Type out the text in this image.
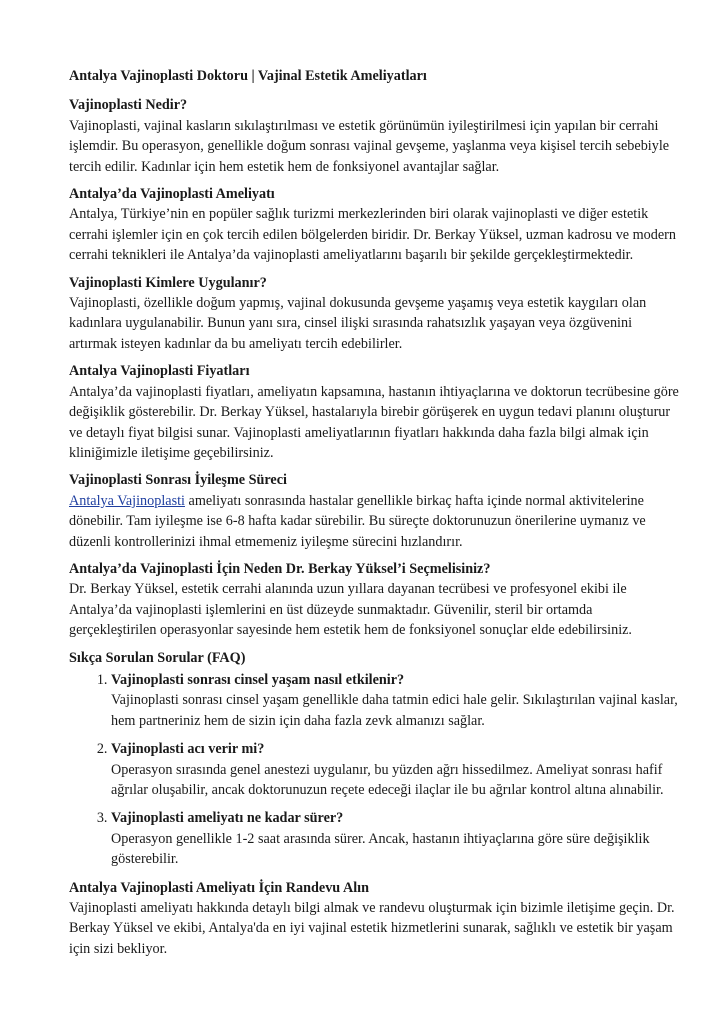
Antalya Vajinoplasti Doktoru | Vajinal Estetik Ameliyatları
Vajinoplasti Nedir?

Vajinoplasti, vajinal kasların sıkılaştırılması ve estetik görünümün iyileştirilmesi için yapılan bir cerrahi işlemdir. Bu operasyon, genellikle doğum sonrası vajinal gevşeme, yaşlanma veya kişisel tercih sebebiyle tercih edilir. Kadınlar için hem estetik hem de fonksiyonel avantajlar sağlar.

Antalya’da Vajinoplasti Ameliyatı

Antalya, Türkiye’nin en popüler sağlık turizmi merkezlerinden biri olarak vajinoplasti ve diğer estetik cerrahi işlemler için en çok tercih edilen bölgelerden biridir. Dr. Berkay Yüksel, uzman kadrosu ve modern cerrahi teknikleri ile Antalya’da vajinoplasti ameliyatlarını başarılı bir şekilde gerçekleştirmektedir.

Vajinoplasti Kimlere Uygulanır?

Vajinoplasti, özellikle doğum yapmış, vajinal dokusunda gevşeme yaşamış veya estetik kaygıları olan kadınlara uygulanabilir. Bunun yanı sıra, cinsel ilişki sırasında rahatsızlık yaşayan veya özgüvenini artırmak isteyen kadınlar da bu ameliyatı tercih edebilirler.

Antalya Vajinoplasti Fiyatları

Antalya’da vajinoplasti fiyatları, ameliyatın kapsamına, hastanın ihtiyaçlarına ve doktorun tecrübesine göre değişiklik gösterebilir. Dr. Berkay Yüksel, hastalarıyla birebir görüşerek en uygun tedavi planını oluşturur ve detaylı fiyat bilgisi sunar. Vajinoplasti ameliyatlarının fiyatları hakkında daha fazla bilgi almak için kliniğimizle iletişime geçebilirsiniz.

Vajinoplasti Sonrası İyileşme Süreci

Antalya Vajinoplasti ameliyatı sonrasında hastalar genellikle birkaç hafta içinde normal aktivitelerine dönebilir. Tam iyileşme ise 6-8 hafta kadar sürebilir. Bu süreçte doktorunuzun önerilerine uymanız ve düzenli kontrollerinizi ihmal etmemeniz iyileşme sürecini hızlandırır.

Antalya’da Vajinoplasti İçin Neden Dr. Berkay Yüksel’i Seçmelisiniz?

Dr. Berkay Yüksel, estetik cerrahi alanında uzun yıllara dayanan tecrübesi ve profesyonel ekibi ile Antalya’da vajinoplasti işlemlerini en üst düzeyde sunmaktadır. Güvenilir, steril bir ortamda gerçekleştirilen operasyonlar sayesinde hem estetik hem de fonksiyonel sonuçlar elde edebilirsiniz.

Sıkça Sorulan Sorular (FAQ)
1. Vajinoplasti sonrası cinsel yaşam nasıl etkilenir?
Vajinoplasti sonrası cinsel yaşam genellikle daha tatmin edici hale gelir. Sıkılaştırılan vajinal kaslar, hem partneriniz hem de sizin için daha fazla zevk almanızı sağlar.
2. Vajinoplasti acı verir mi?
Operasyon sırasında genel anestezi uygulanır, bu yüzden ağrı hissedilmez. Ameliyat sonrası hafif ağrılar oluşabilir, ancak doktorunuzun reçete edeceği ilaçlar ile bu ağrılar kontrol altına alınabilir.
3. Vajinoplasti ameliyatı ne kadar sürer?
Operasyon genellikle 1-2 saat arasında sürer. Ancak, hastanın ihtiyaçlarına göre süre değişiklik gösterebilir.
Antalya Vajinoplasti Ameliyatı İçin Randevu Alın

Vajinoplasti ameliyatı hakkında detaylı bilgi almak ve randevu oluşturmak için bizimle iletişime geçin. Dr. Berkay Yüksel ve ekibi, Antalya'da en iyi vajinal estetik hizmetlerini sunarak, sağlıklı ve estetik bir yaşam için sizi bekliyor.
